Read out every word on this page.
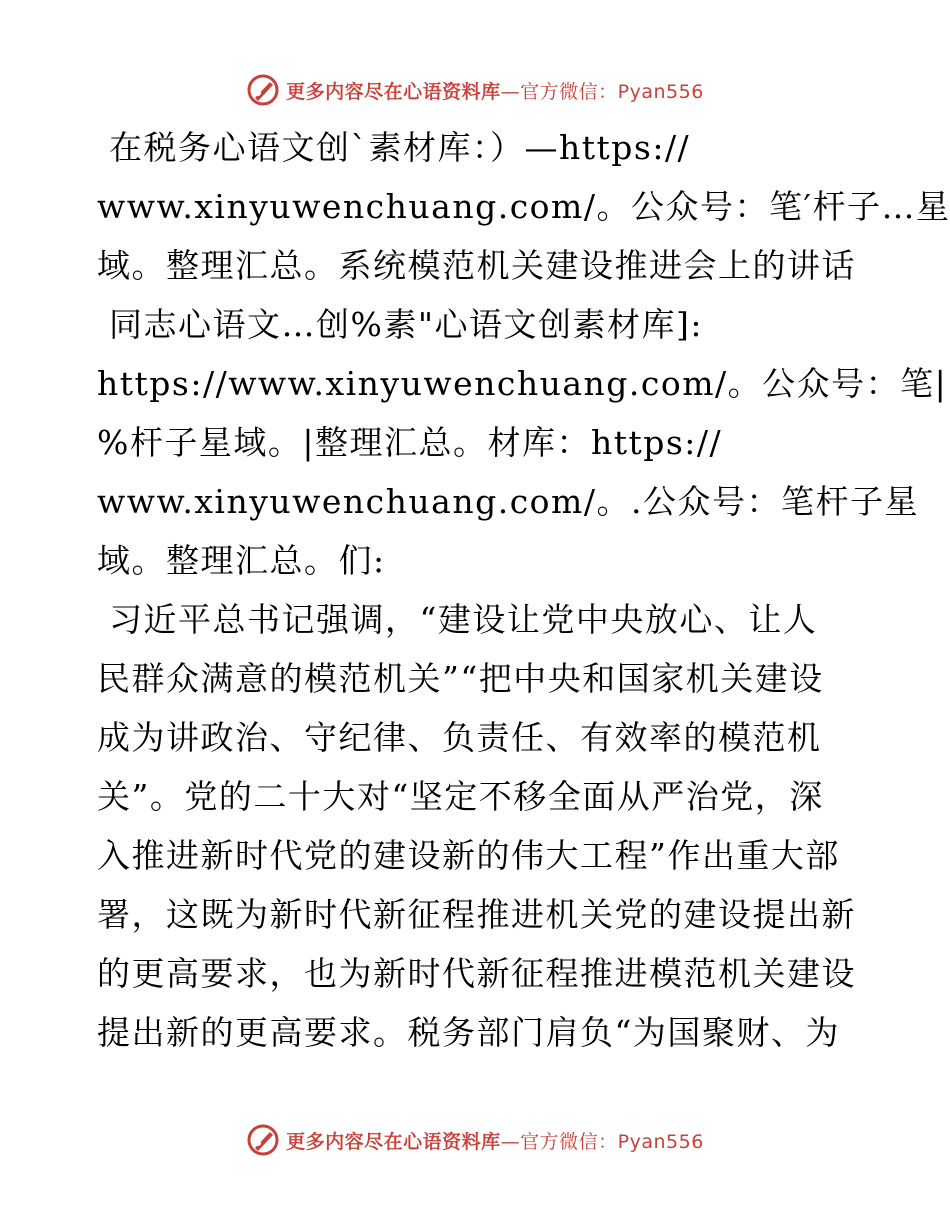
更多内容尽在心语资料库—官方微信：Pyan556
在税务心语文创`素材库：）—https://
www.xinyuwenchuang.com/。公众号：笔′杆子…星
域。整理汇总。系统模范机关建设推进会上的讲话
同志心语文…创%素"心语文创素材库]:
https://www.xinyuwenchuang.com/。公众号：笔|
%杆子星域。|整理汇总。材库：https://
www.xinyuwenchuang.com/。.公众号：笔杆子星
域。整理汇总。们:
习近平总书记强调，“建设让党中央放心、让人
民群众满意的模范机关”“把中央和国家机关建设
成为讲政治、守纪律、负责任、有效率的模范机
关”。党的二十大对“坚定不移全面从严治党，深
入推进新时代党的建设新的伟大工程”作出重大部
署，这既为新时代新征程推进机关党的建设提出新
的更高要求，也为新时代新征程推进模范机关建设
提出新的更高要求。税务部门肩负“为国聚财、为
更多内容尽在心语资料库—官方微信：Pyan556
